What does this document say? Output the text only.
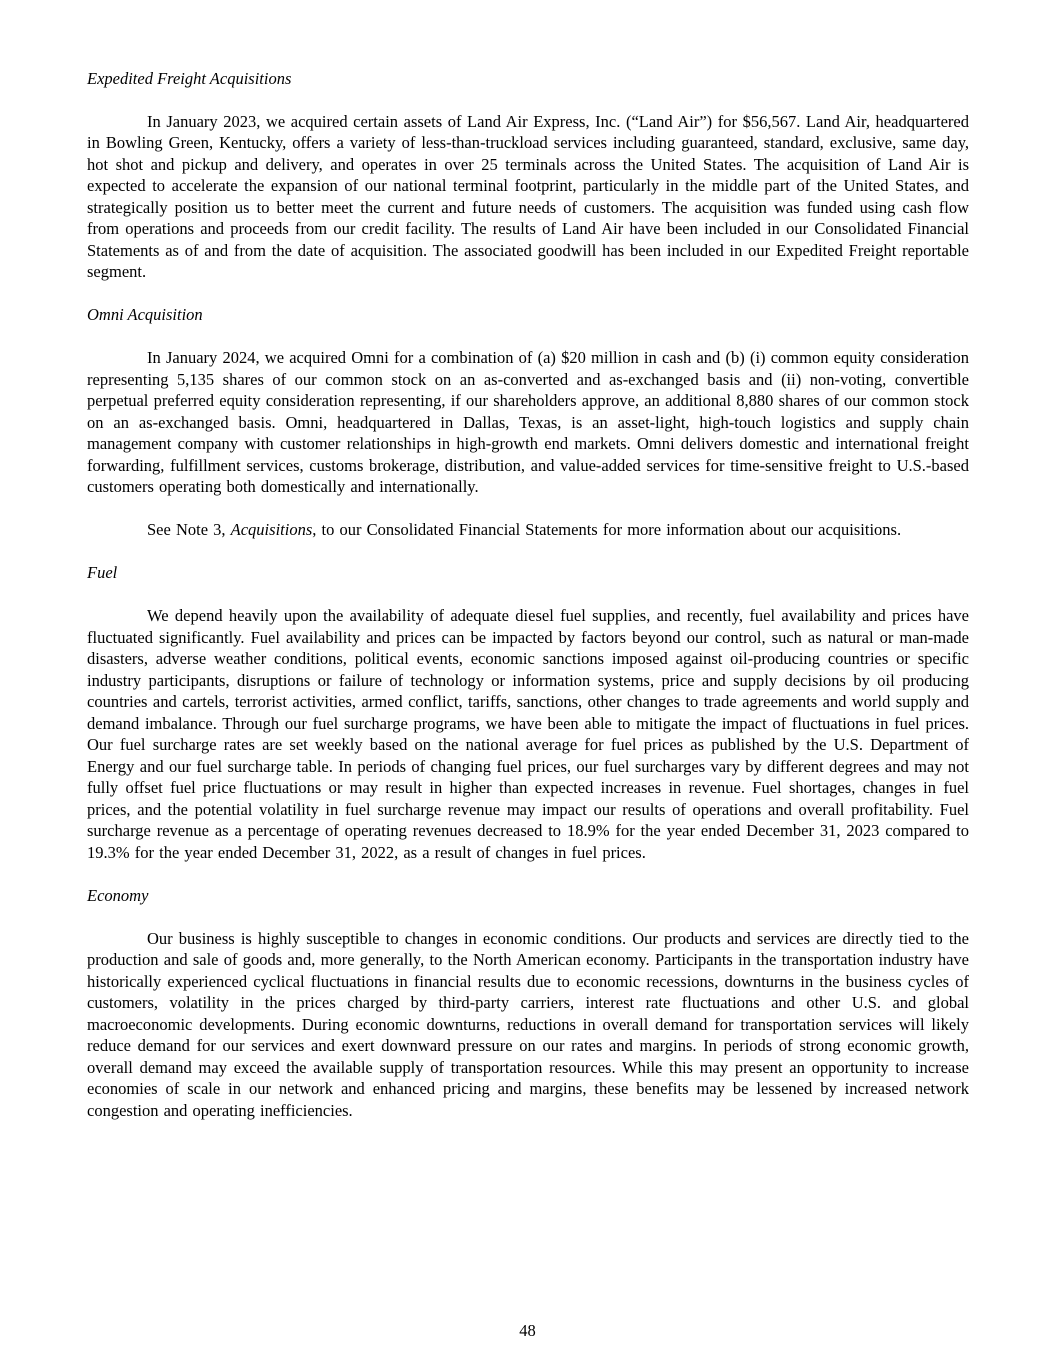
Expedited Freight Acquisitions

In January 2023, we acquired certain assets of Land Air Express, Inc. (“Land Air”) for $56,567. Land Air, headquartered in Bowling Green, Kentucky, offers a variety of less-than-truckload services including guaranteed, standard, exclusive, same day, hot shot and pickup and delivery, and operates in over 25 terminals across the United States. The acquisition of Land Air is expected to accelerate the expansion of our national terminal footprint, particularly in the middle part of the United States, and strategically position us to better meet the current and future needs of customers. The acquisition was funded using cash flow from operations and proceeds from our credit facility. The results of Land Air have been included in our Consolidated Financial Statements as of and from the date of acquisition. The associated goodwill has been included in our Expedited Freight reportable segment.

Omni Acquisition

In January 2024, we acquired Omni for a combination of (a) $20 million in cash and (b) (i) common equity consideration representing 5,135 shares of our common stock on an as-converted and as-exchanged basis and (ii) non-voting, convertible perpetual preferred equity consideration representing, if our shareholders approve, an additional 8,880 shares of our common stock on an as-exchanged basis. Omni, headquartered in Dallas, Texas, is an asset-light, high-touch logistics and supply chain management company with customer relationships in high-growth end markets. Omni delivers domestic and international freight forwarding, fulfillment services, customs brokerage, distribution, and value-added services for time-sensitive freight to U.S.-based customers operating both domestically and internationally.

See Note 3, Acquisitions, to our Consolidated Financial Statements for more information about our acquisitions.

Fuel

We depend heavily upon the availability of adequate diesel fuel supplies, and recently, fuel availability and prices have fluctuated significantly. Fuel availability and prices can be impacted by factors beyond our control, such as natural or man-made disasters, adverse weather conditions, political events, economic sanctions imposed against oil-producing countries or specific industry participants, disruptions or failure of technology or information systems, price and supply decisions by oil producing countries and cartels, terrorist activities, armed conflict, tariffs, sanctions, other changes to trade agreements and world supply and demand imbalance. Through our fuel surcharge programs, we have been able to mitigate the impact of fluctuations in fuel prices. Our fuel surcharge rates are set weekly based on the national average for fuel prices as published by the U.S. Department of Energy and our fuel surcharge table. In periods of changing fuel prices, our fuel surcharges vary by different degrees and may not fully offset fuel price fluctuations or may result in higher than expected increases in revenue. Fuel shortages, changes in fuel prices, and the potential volatility in fuel surcharge revenue may impact our results of operations and overall profitability. Fuel surcharge revenue as a percentage of operating revenues decreased to 18.9% for the year ended December 31, 2023 compared to 19.3% for the year ended December 31, 2022, as a result of changes in fuel prices.

Economy

Our business is highly susceptible to changes in economic conditions. Our products and services are directly tied to the production and sale of goods and, more generally, to the North American economy. Participants in the transportation industry have historically experienced cyclical fluctuations in financial results due to economic recessions, downturns in the business cycles of customers, volatility in the prices charged by third-party carriers, interest rate fluctuations and other U.S. and global macroeconomic developments. During economic downturns, reductions in overall demand for transportation services will likely reduce demand for our services and exert downward pressure on our rates and margins. In periods of strong economic growth, overall demand may exceed the available supply of transportation resources. While this may present an opportunity to increase economies of scale in our network and enhanced pricing and margins, these benefits may be lessened by increased network congestion and operating inefficiencies.

48
